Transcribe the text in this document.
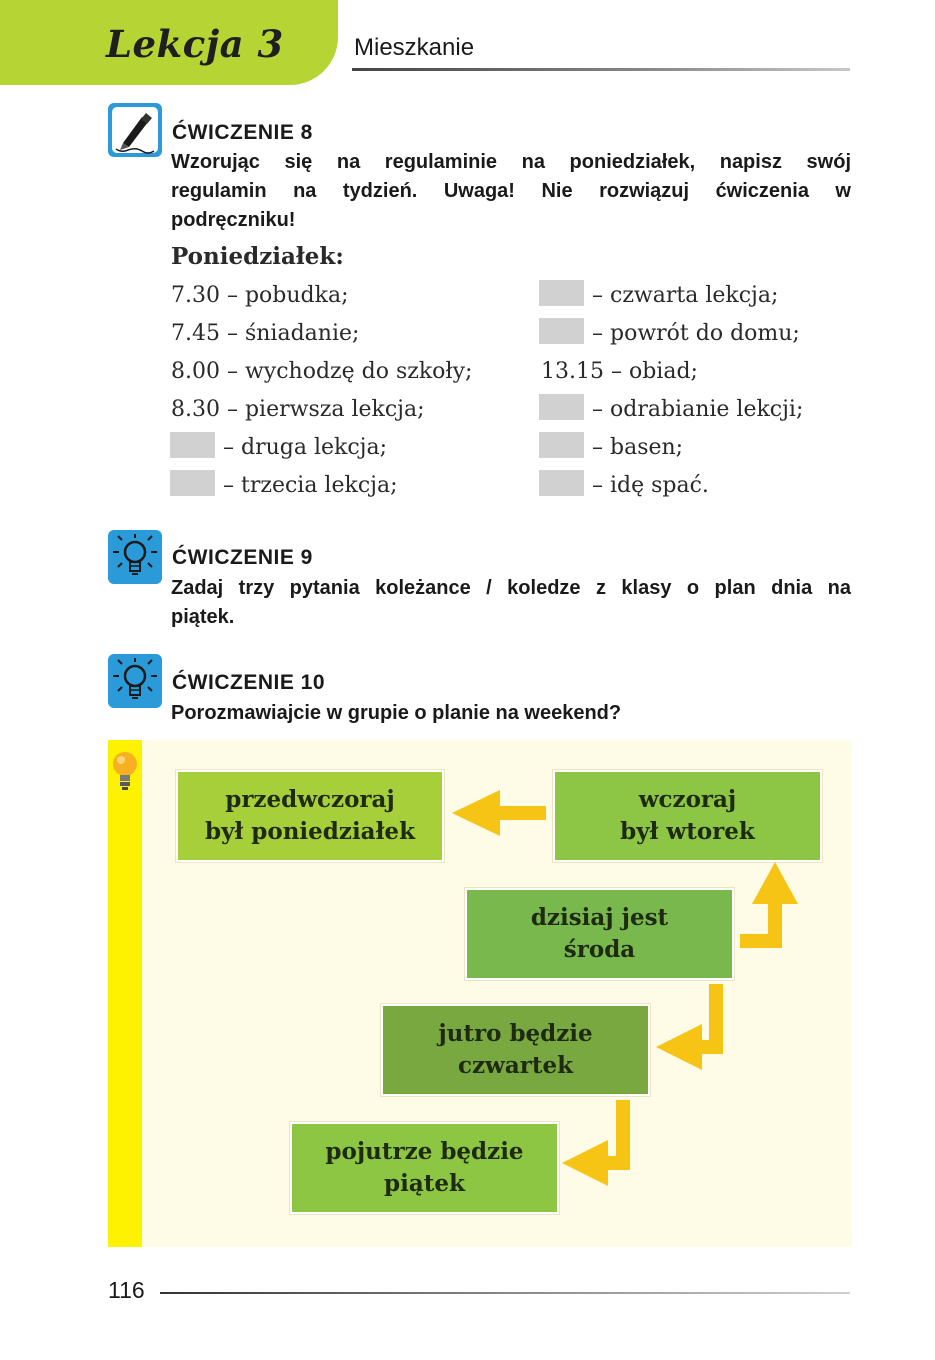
Lekcja 3	Mieszkanie
ĆWICZENIE 8
Wzorując się na regulaminie na poniedziałek, napisz swój
regulamin na tydzień. Uwaga! Nie rozwiązuj ćwiczenia w
podręczniku!
Poniedziałek:
7.30 – pobudka;
7.45 – śniadanie;
8.00 – wychodzę do szkoły;
8.30 – pierwsza lekcja;
– druga lekcja;
– trzecia lekcja;
– czwarta lekcja;
– powrót do domu;
13.15 – obiad;
– odrabianie lekcji;
– basen;
– idę spać.
ĆWICZENIE 9
Zadaj trzy pytania koleżance / koledze z klasy o plan dnia na
piątek.
ĆWICZENIE 10
Porozmawiajcie w grupie o planie na weekend?
przedwczoraj
był poniedziałek
wczoraj
był wtorek
dzisiaj jest
środa
jutro będzie
czwartek
pojutrze będzie
piątek
116
